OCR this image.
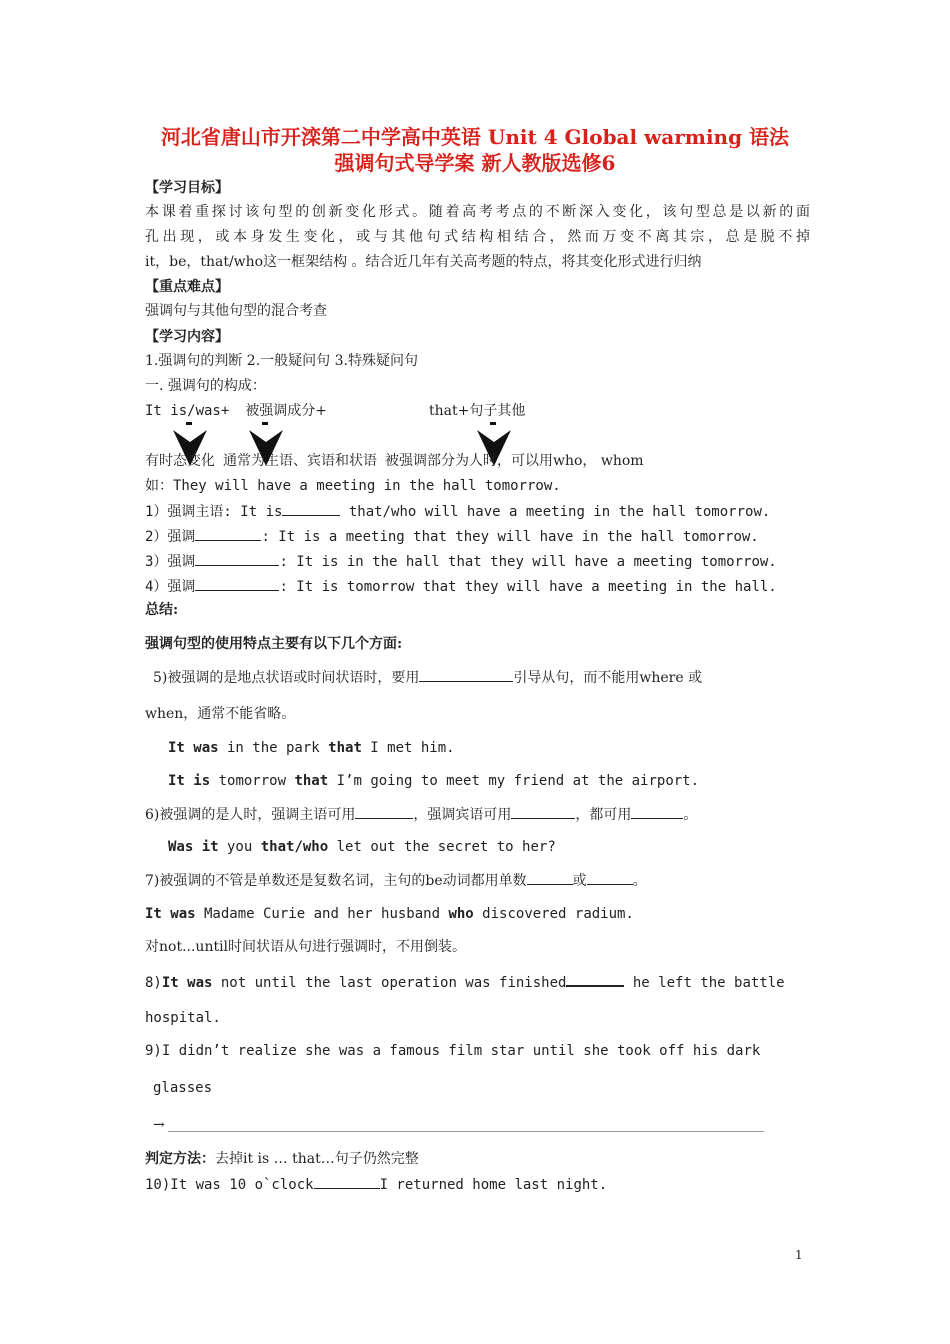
河北省唐山市开滦第二中学高中英语 Unit 4 Global warming 语法
强调句式导学案 新人教版选修6
【学习目标】
本课着重探讨该句型的创新变化形式。随着高考考点的不断深入变化，该句型总是以新的面
孔出现，或本身发生变化，或与其他句式结构相结合，然而万变不离其宗，总是脱不掉
it，be，that/who这一框架结构 。结合近几年有关高考题的特点，将其变化形式进行归纳
【重点难点】
强调句与其他句型的混合考查
【学习内容】
1.强调句的判断 2.一般疑问句 3.特殊疑问句
一. 强调句的构成：
It is/was+ 被强调成分+	that+句子其他
有时态变化 通常为主语、宾语和状语 被强调部分为人时，可以用who， whom
如：They will have a meeting in the hall tomorrow.
1）强调主语: It is	that/who will have a meeting in the hall tomorrow.
2）强调	: It is a meeting that they will have in the hall tomorrow.
3）强调	: It is in the hall that they will have a meeting tomorrow.
4）强调	: It is tomorrow that they will have a meeting in the hall.
总结:
强调句型的使用特点主要有以下几个方面:
5)被强调的是地点状语或时间状语时，要用	引导从句，而不能用where 或
when，通常不能省略。
It was in the park that I met him.
It is tomorrow that I’m going to meet my friend at the airport.
6)被强调的是人时，强调主语可用	，强调宾语可用	，都可用	。
Was it you that/who let out the secret to her?
7)被强调的不管是单数还是复数名词，主句的be动词都用单数	或	。
It was Madame Curie and her husband who discovered radium.
对not...until时间状语从句进行强调时，不用倒装。
8)It was not until the last operation was finished	he left the battle
hospital.
9)I didn’t realize she was a famous film star until she took off his dark
glasses
→
判定方法：去掉it is … that…句子仍然完整
10)It was 10 o`clock	I returned home last night.
1
